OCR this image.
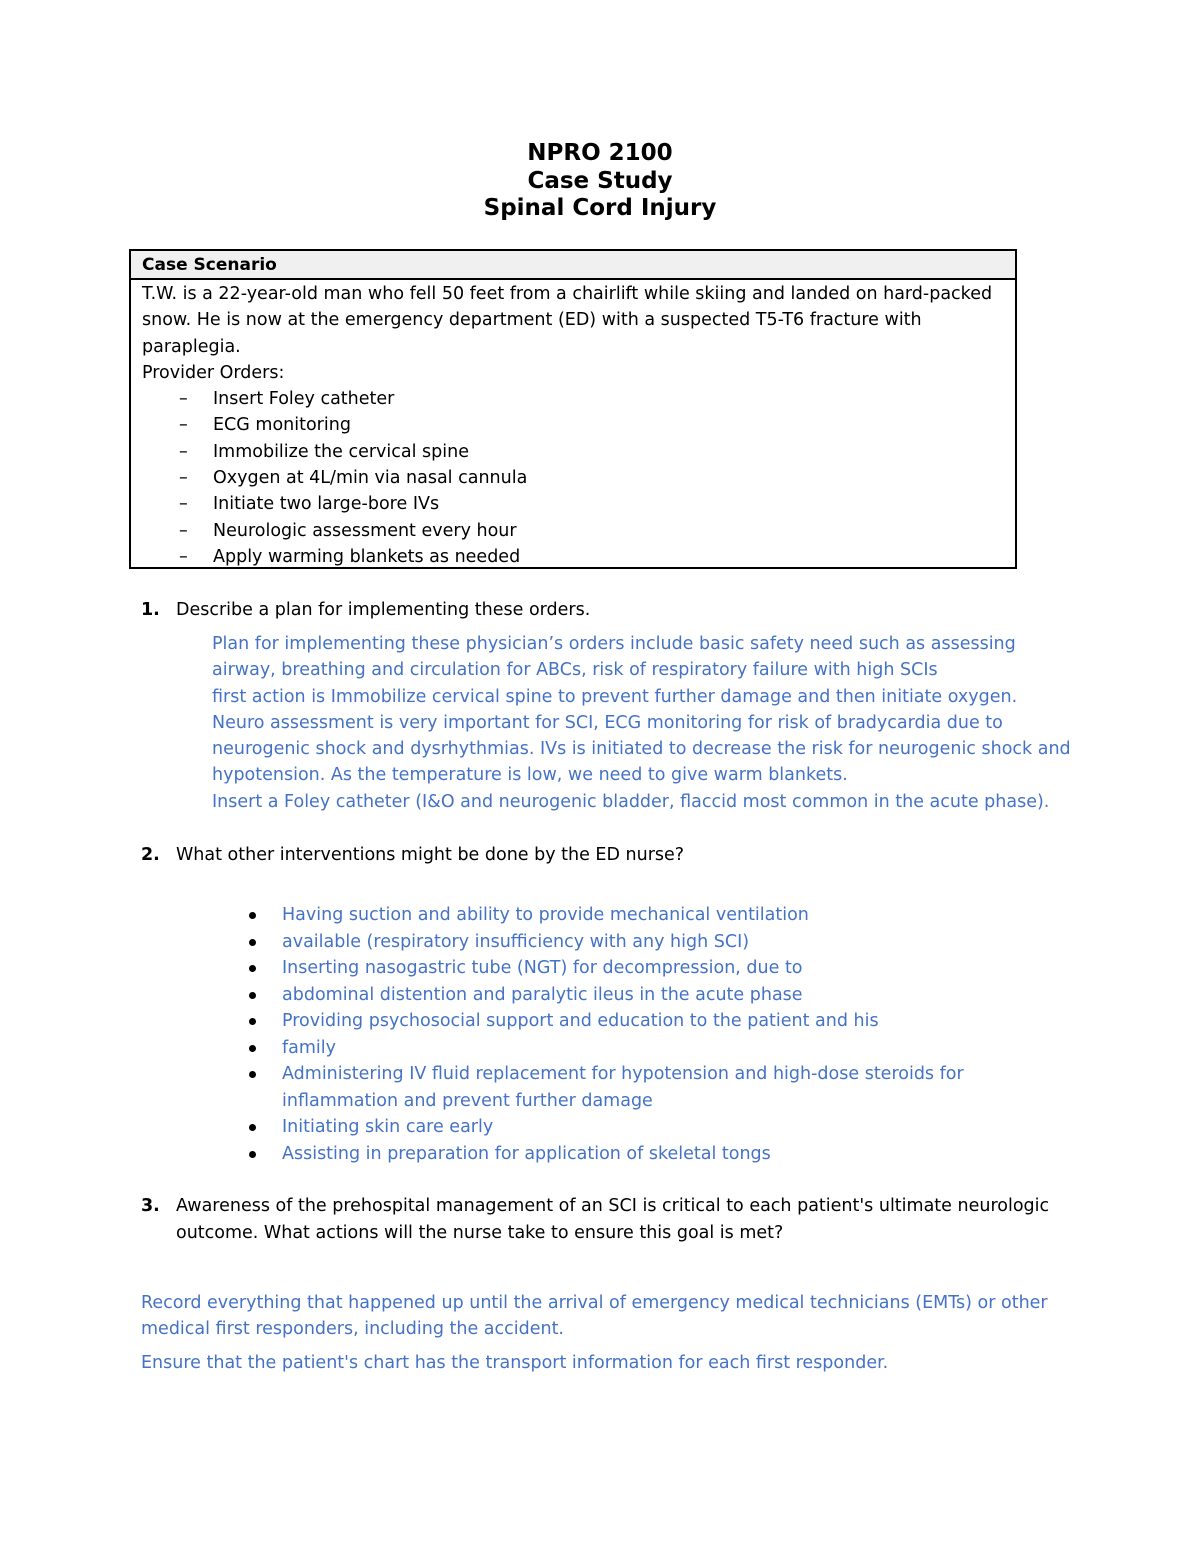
NPRO 2100
Case Study
Spinal Cord Injury
Case Scenario

T.W. is a 22-year-old man who fell 50 feet from a chairlift while skiing and landed on hard-packed snow. He is now at the emergency department (ED) with a suspected T5-T6 fracture with paraplegia.

Provider Orders:

– Insert Foley catheter
– ECG monitoring
– Immobilize the cervical spine
– Oxygen at 4L/min via nasal cannula
– Initiate two large-bore IVs
– Neurologic assessment every hour
– Apply warming blankets as needed
1. Describe a plan for implementing these orders.

Plan for implementing these physician’s orders include basic safety need such as assessing

airway, breathing and circulation for ABCs, risk of respiratory failure with high SCIs

first action is Immobilize cervical spine to prevent further damage and then initiate oxygen.

Neuro assessment is very important for SCI, ECG monitoring for risk of bradycardia due to

neurogenic shock and dysrhythmias. IVs is initiated to decrease the risk for neurogenic shock and

hypotension. As the temperature is low, we need to give warm blankets.

Insert a Foley catheter (I&O and neurogenic bladder, flaccid most common in the acute phase).

2. What other interventions might be done by the ED nurse?
Having suction and ability to provide mechanical ventilation
available (respiratory insufficiency with any high SCI)
Inserting nasogastric tube (NGT) for decompression, due to
abdominal distention and paralytic ileus in the acute phase
Providing psychosocial support and education to the patient and his
family
Administering IV fluid replacement for hypotension and high-dose steroids for inflammation and prevent further damage
Initiating skin care early
Assisting in preparation for application of skeletal tongs
3. Awareness of the prehospital management of an SCI is critical to each patient's ultimate neurologic outcome. What actions will the nurse take to ensure this goal is met?

Record everything that happened up until the arrival of emergency medical technicians (EMTs) or other medical first responders, including the accident.

Ensure that the patient's chart has the transport information for each first responder.
